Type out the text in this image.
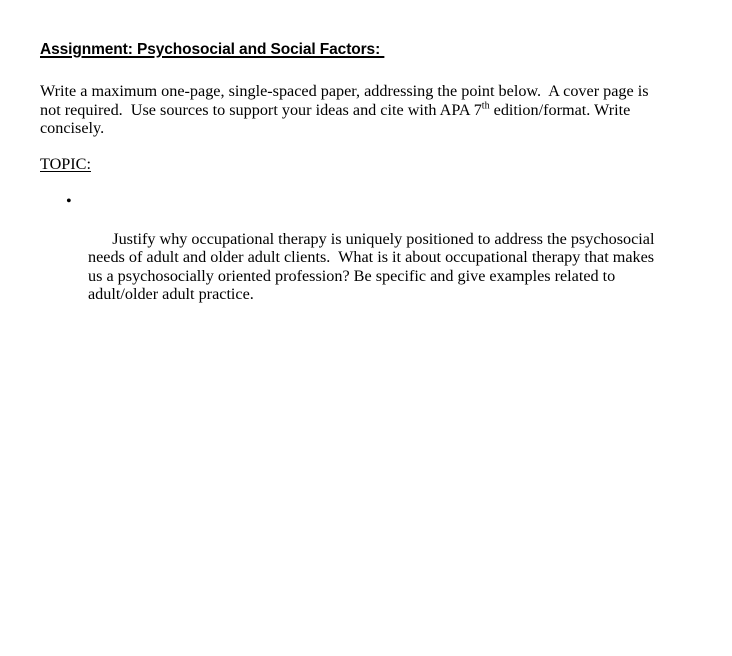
Assignment: Psychosocial and Social Factors:

Write a maximum one-page, single-spaced paper, addressing the point below.  A cover page is not required.  Use sources to support your ideas and cite with APA 7th edition/format. Write concisely.

TOPIC:

•

Justify why occupational therapy is uniquely positioned to address the psychosocial needs of adult and older adult clients.  What is it about occupational therapy that makes us a psychosocially oriented profession? Be specific and give examples related to adult/older adult practice.
